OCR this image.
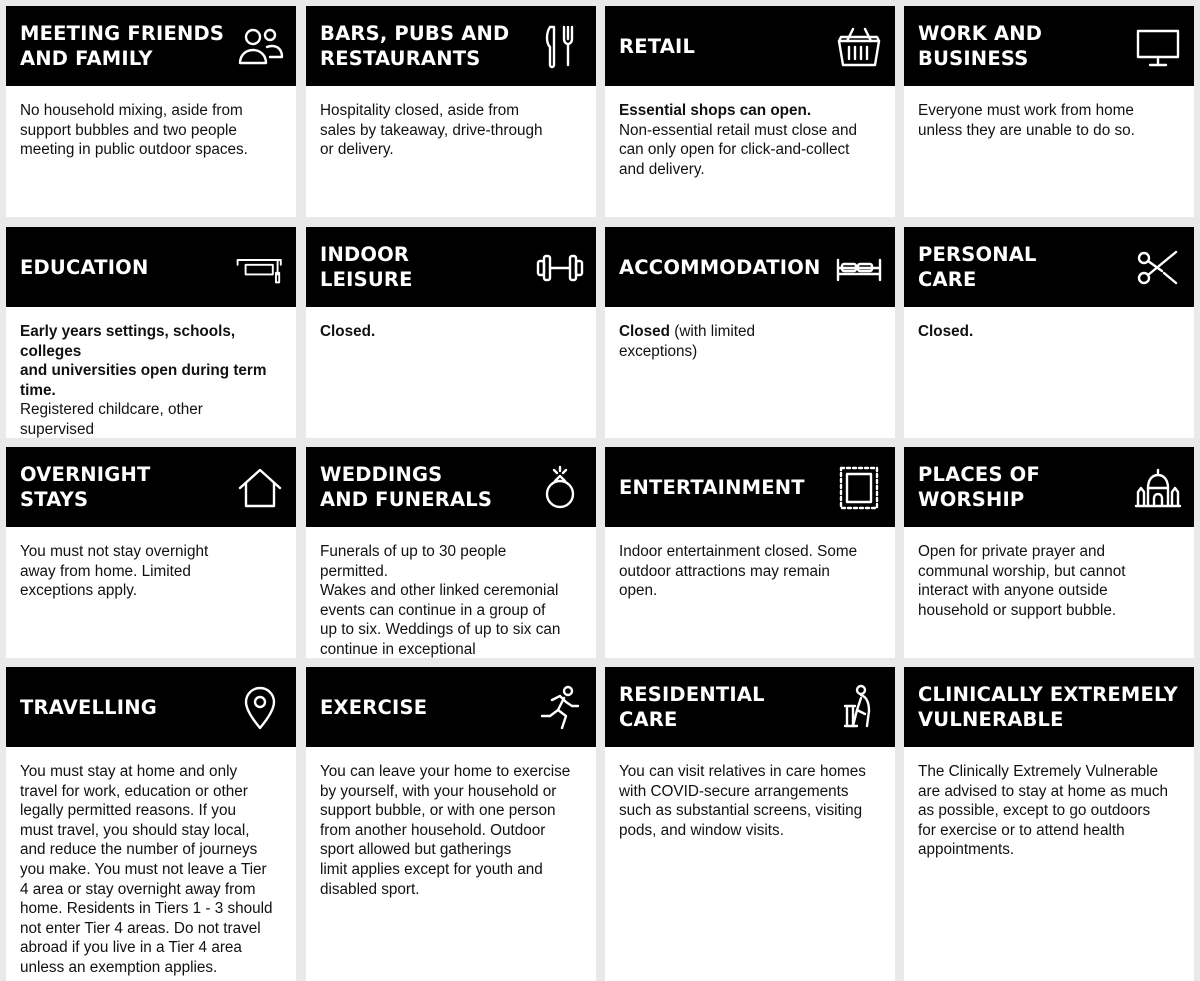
MEETING FRIENDS
AND FAMILY
No household mixing, aside from
support bubbles and two people
meeting in public outdoor spaces.
BARS, PUBS AND
RESTAURANTS
Hospitality closed, aside from
sales by takeaway, drive-through
or delivery.
RETAIL
Essential shops can open.
Non-essential retail must close and
can only open for click-and-collect
and delivery.
WORK AND
BUSINESS
Everyone must work from home
unless they are unable to do so.
EDUCATION
Early years settings, schools, colleges
and universities open during term time.
Registered childcare, other supervised

INDOOR
LEISURE
Closed.
ACCOMMODATION
Closed (with limited
exceptions)
PERSONAL
CARE
Closed.
OVERNIGHT
STAYS
You must not stay overnight
away from home. Limited
exceptions apply.
WEDDINGS
AND FUNERALS
Funerals of up to 30 people permitted.
Wakes and other linked ceremonial
events can continue in a group of
up to six. Weddings of up to six can
continue in exceptional
ENTERTAINMENT
Indoor entertainment closed. Some
outdoor attractions may remain
open.
PLACES OF
WORSHIP
Open for private prayer and
communal worship, but cannot
interact with anyone outside
household or support bubble.
TRAVELLING
You must stay at home and only
travel for work, education or other
legally permitted reasons. If you
must travel, you should stay local,
and reduce the number of journeys
you make. You must not leave a Tier
4 area or stay overnight away from
home. Residents in Tiers 1 - 3 should
not enter Tier 4 areas. Do not travel
abroad if you live in a Tier 4 area
unless an exemption applies.
EXERCISE
You can leave your home to exercise
by yourself, with your household or
support bubble, or with one person
from another household. Outdoor
sport allowed but gatherings
limit applies except for youth and
disabled sport.
RESIDENTIAL
CARE
You can visit relatives in care homes
with COVID-secure arrangements
such as substantial screens, visiting
pods, and window visits.
CLINICALLY EXTREMELY
VULNERABLE
The Clinically Extremely Vulnerable
are advised to stay at home as much
as possible, except to go outdoors
for exercise or to attend health
appointments.
